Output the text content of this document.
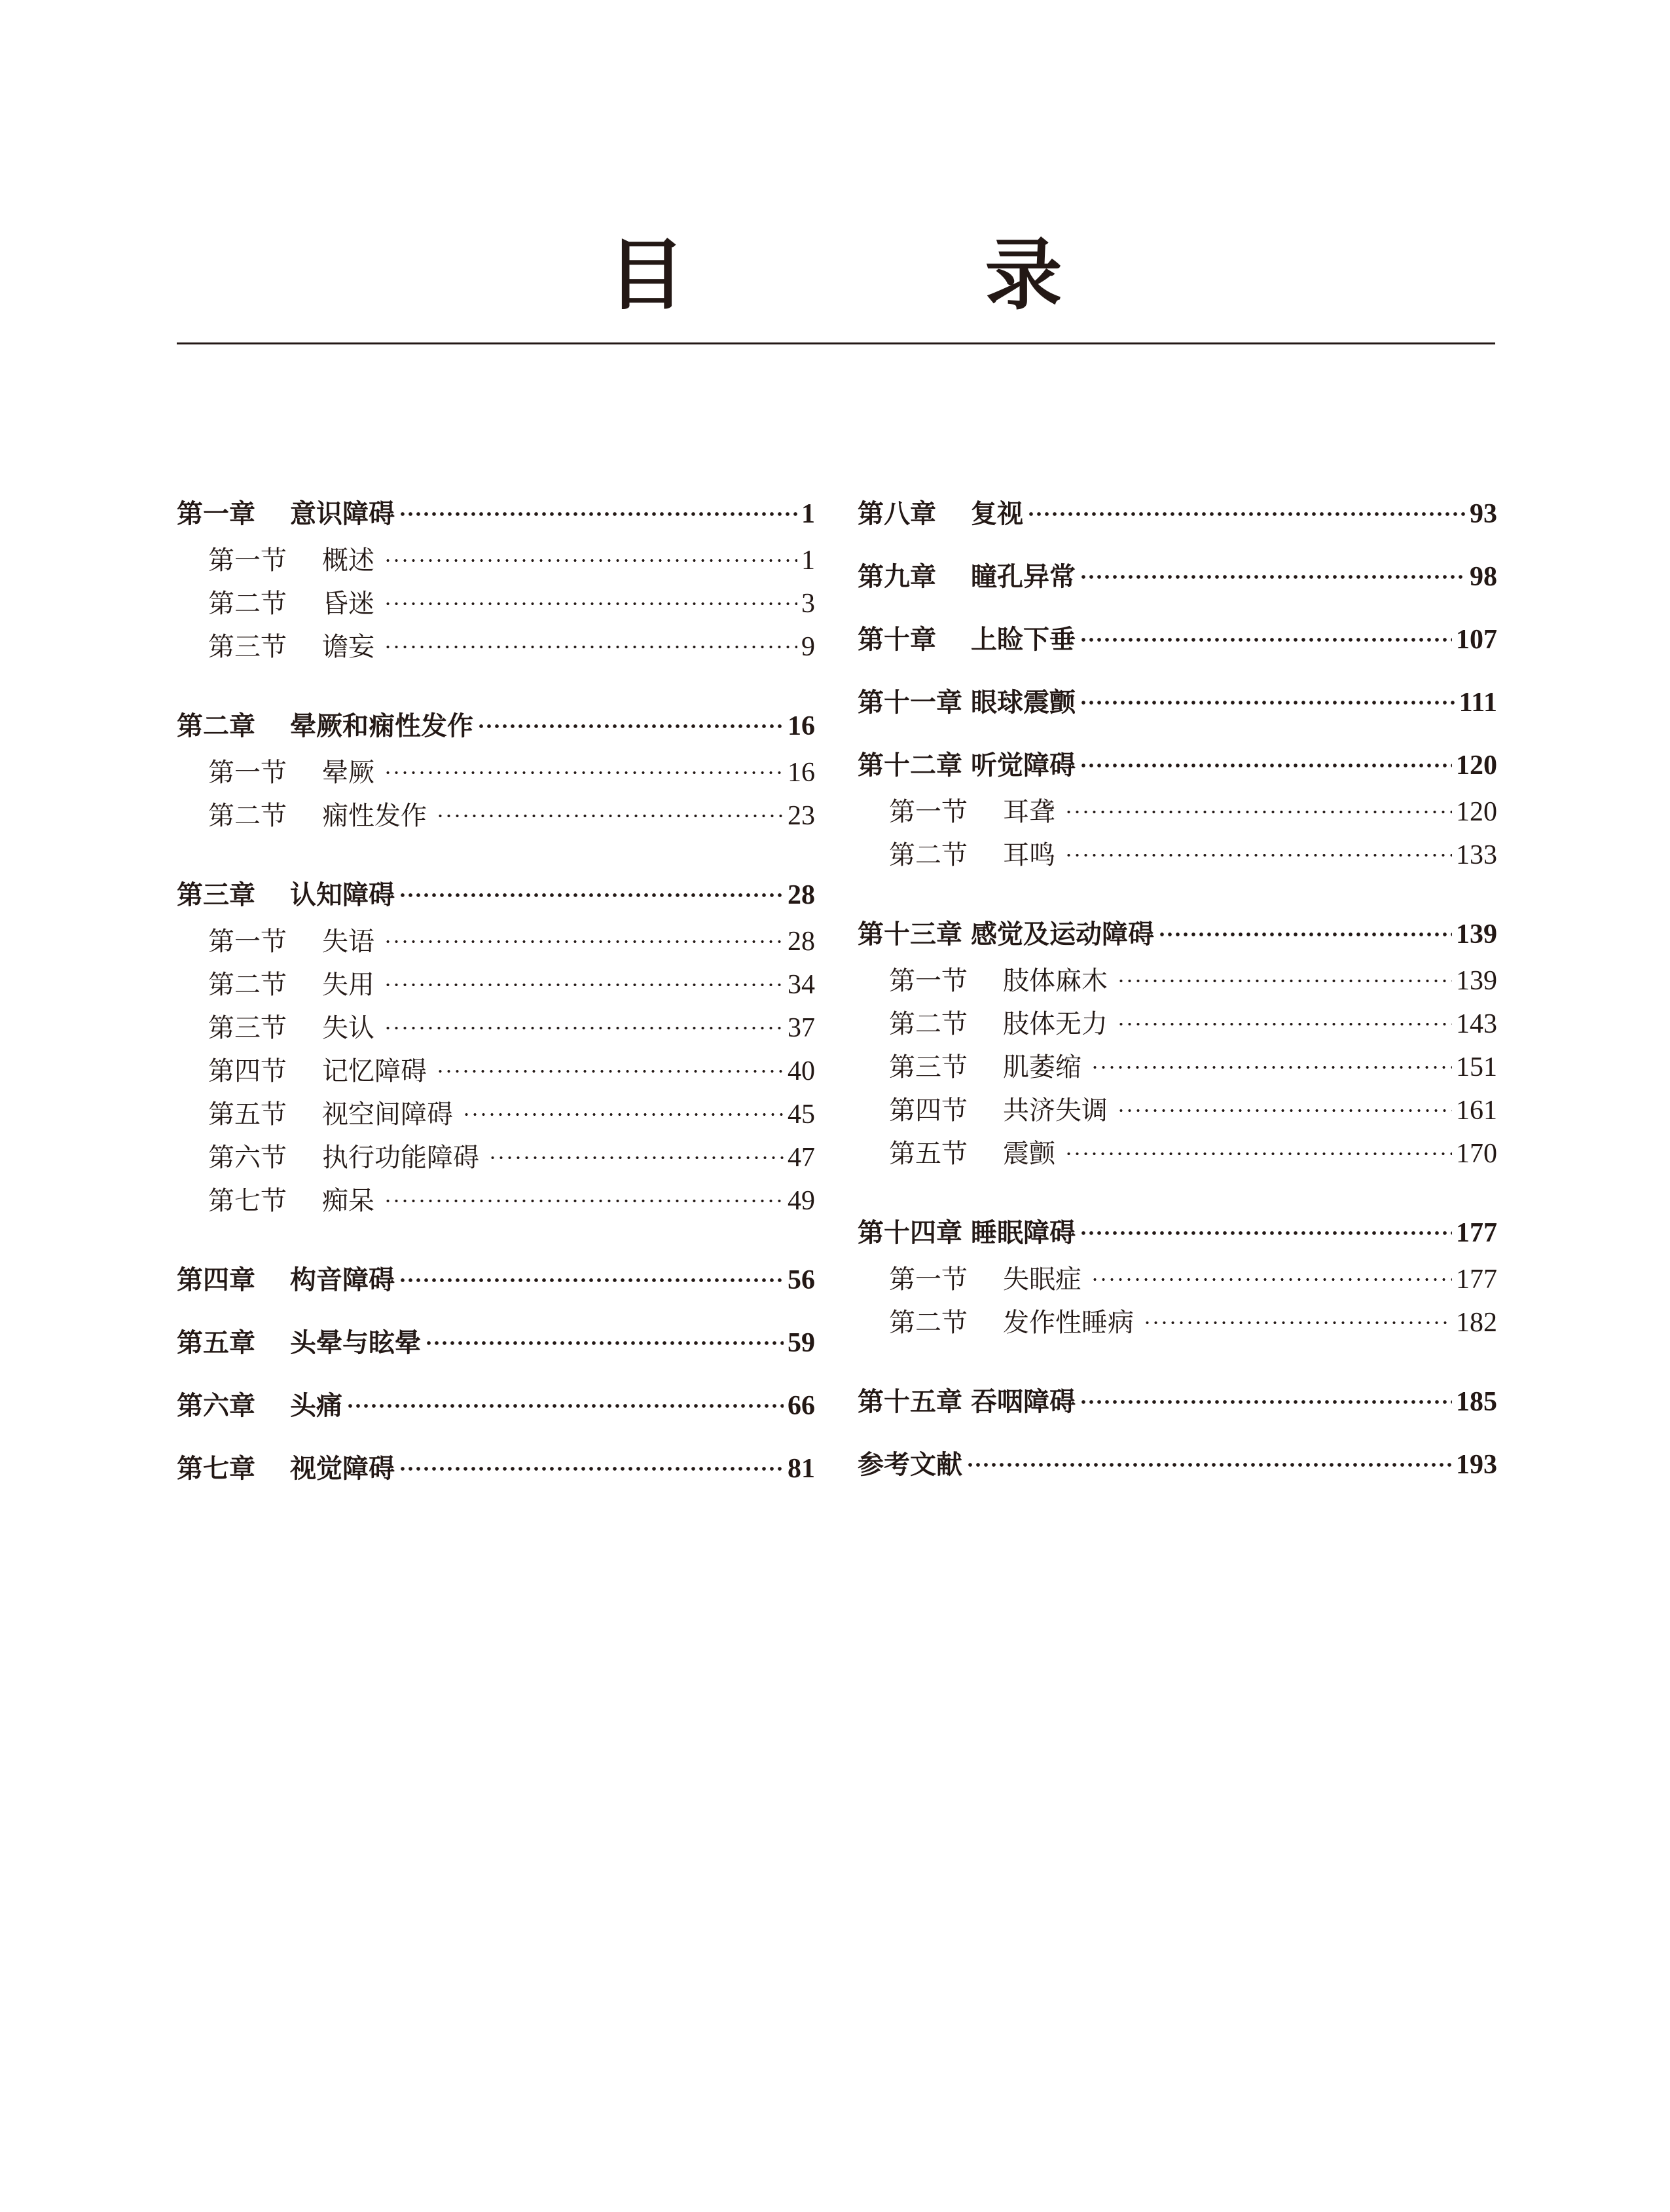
目　录
第一章	意识障碍	1
第一节	概述	1
第二节	昏迷	3
第三节	谵妄	9
第二章	晕厥和痫性发作	16
第一节	晕厥	16
第二节	痫性发作	23
第三章	认知障碍	28
第一节	失语	28
第二节	失用	34
第三节	失认	37
第四节	记忆障碍	40
第五节	视空间障碍	45
第六节	执行功能障碍	47
第七节	痴呆	49
第四章	构音障碍	56
第五章	头晕与眩晕	59
第六章	头痛	66
第七章	视觉障碍	81
第八章	复视	93
第九章	瞳孔异常	98
第十章	上睑下垂	107
第十一章 眼球震颤	111
第十二章 听觉障碍	120
第一节	耳聋	120
第二节	耳鸣	133
第十三章 感觉及运动障碍	139
第一节	肢体麻木	139
第二节	肢体无力	143
第三节	肌萎缩	151
第四节	共济失调	161
第五节	震颤	170
第十四章 睡眠障碍	177
第一节	失眠症	177
第二节	发作性睡病	182
第十五章 吞咽障碍	185
参考文献	193
